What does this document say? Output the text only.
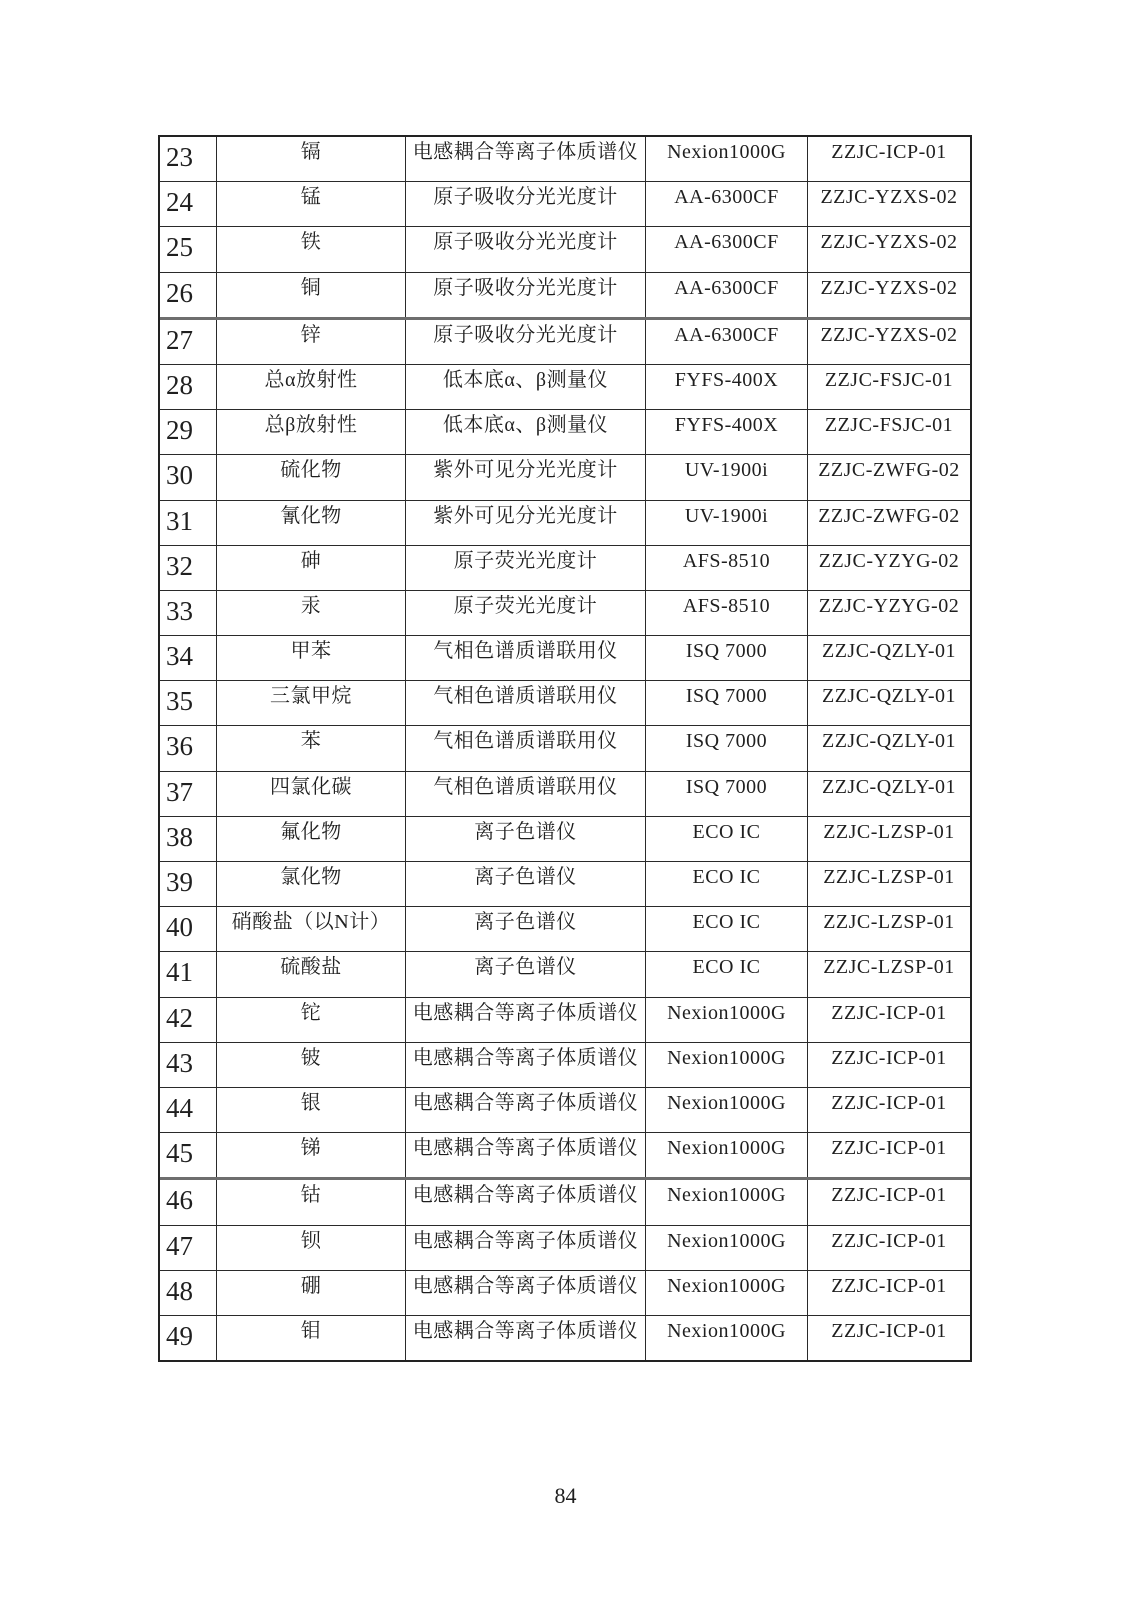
23	镉	电感耦合等离子体质谱仪	Nexion1000G	ZZJC-ICP-01
24	锰	原子吸收分光光度计	AA-6300CF	ZZJC-YZXS-02
25	铁	原子吸收分光光度计	AA-6300CF	ZZJC-YZXS-02
26	铜	原子吸收分光光度计	AA-6300CF	ZZJC-YZXS-02
27	锌	原子吸收分光光度计	AA-6300CF	ZZJC-YZXS-02
28	总α放射性	低本底α、β测量仪	FYFS-400X	ZZJC-FSJC-01
29	总β放射性	低本底α、β测量仪	FYFS-400X	ZZJC-FSJC-01
30	硫化物	紫外可见分光光度计	UV-1900i	ZZJC-ZWFG-02
31	氰化物	紫外可见分光光度计	UV-1900i	ZZJC-ZWFG-02
32	砷	原子荧光光度计	AFS-8510	ZZJC-YZYG-02
33	汞	原子荧光光度计	AFS-8510	ZZJC-YZYG-02
34	甲苯	气相色谱质谱联用仪	ISQ 7000	ZZJC-QZLY-01
35	三氯甲烷	气相色谱质谱联用仪	ISQ 7000	ZZJC-QZLY-01
36	苯	气相色谱质谱联用仪	ISQ 7000	ZZJC-QZLY-01
37	四氯化碳	气相色谱质谱联用仪	ISQ 7000	ZZJC-QZLY-01
38	氟化物	离子色谱仪	ECO IC	ZZJC-LZSP-01
39	氯化物	离子色谱仪	ECO IC	ZZJC-LZSP-01
40	硝酸盐（以N计）	离子色谱仪	ECO IC	ZZJC-LZSP-01
41	硫酸盐	离子色谱仪	ECO IC	ZZJC-LZSP-01
42	铊	电感耦合等离子体质谱仪	Nexion1000G	ZZJC-ICP-01
43	铍	电感耦合等离子体质谱仪	Nexion1000G	ZZJC-ICP-01
44	银	电感耦合等离子体质谱仪	Nexion1000G	ZZJC-ICP-01
45	锑	电感耦合等离子体质谱仪	Nexion1000G	ZZJC-ICP-01
46	钴	电感耦合等离子体质谱仪	Nexion1000G	ZZJC-ICP-01
47	钡	电感耦合等离子体质谱仪	Nexion1000G	ZZJC-ICP-01
48	硼	电感耦合等离子体质谱仪	Nexion1000G	ZZJC-ICP-01
49	钼	电感耦合等离子体质谱仪	Nexion1000G	ZZJC-ICP-01
84
